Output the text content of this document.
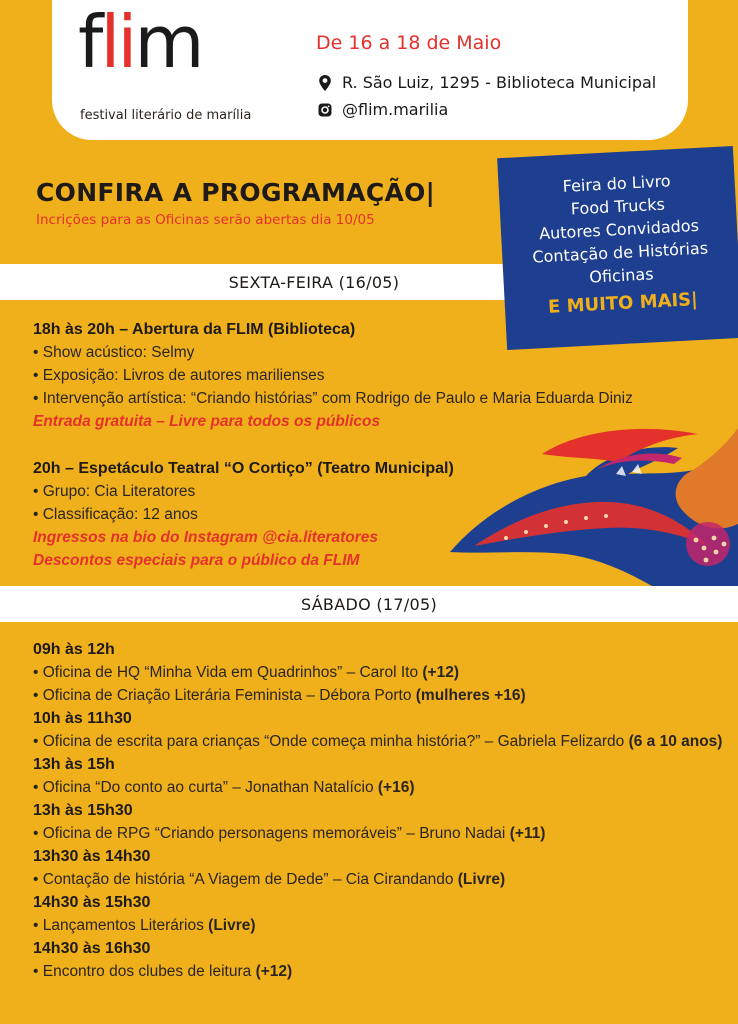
flim
festival literário de marília
De 16 a 18 de Maio
R. São Luiz, 1295 - Biblioteca Municipal
@flim.marilia
CONFIRA A PROGRAMAÇÃO|
Incrições para as Oficinas serão abertas dia 10/05
SEXTA-FEIRA (16/05)
Feira do Livro
Food Trucks
Autores Convidados
Contação de Histórias
Oficinas
E MUITO MAIS|
18h às 20h – Abertura da FLIM (Biblioteca)
• Show acústico: Selmy
• Exposição: Livros de autores marilienses
• Intervenção artística: “Criando histórias” com Rodrigo de Paulo e Maria Eduarda Diniz
Entrada gratuita – Livre para todos os públicos
20h – Espetáculo Teatral “O Cortiço” (Teatro Municipal)
• Grupo: Cia Literatores
• Classificação: 12 anos
Ingressos na bio do Instagram @cia.literatores
Descontos especiais para o público da FLIM
SÁBADO (17/05)
09h às 12h
• Oficina de HQ “Minha Vida em Quadrinhos” – Carol Ito (+12)
• Oficina de Criação Literária Feminista – Débora Porto (mulheres +16)
10h às 11h30
• Oficina de escrita para crianças “Onde começa minha história?” – Gabriela Felizardo (6 a 10 anos)
13h às 15h
• Oficina “Do conto ao curta” – Jonathan Natalício (+16)
13h às 15h30
• Oficina de RPG “Criando personagens memoráveis” – Bruno Nadai (+11)
13h30 às 14h30
• Contação de história “A Viagem de Dede” – Cia Cirandando (Livre)
14h30 às 15h30
• Lançamentos Literários (Livre)
14h30 às 16h30
• Encontro dos clubes de leitura (+12)
